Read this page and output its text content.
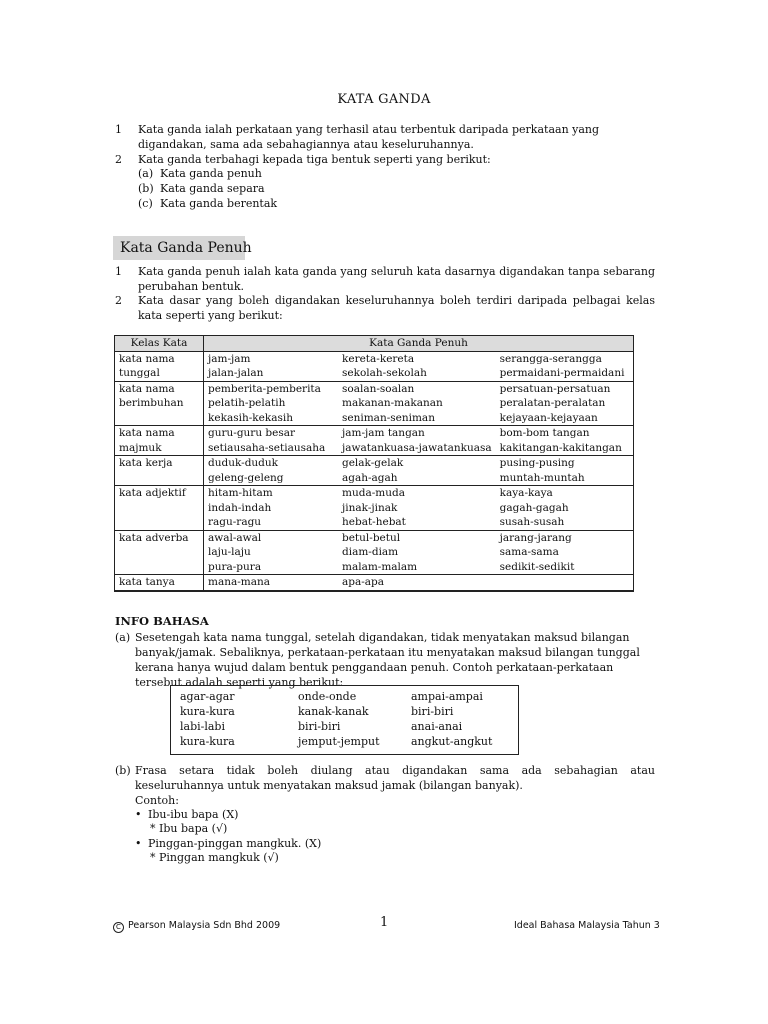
KATA GANDA
1 Kata ganda ialah perkataan yang terhasil atau terbentuk daripada perkataan yang digandakan, sama ada sebahagiannya atau keseluruhannya.
2 Kata ganda terbahagi kepada tiga bentuk seperti yang berikut:
(a) Kata ganda penuh
(b) Kata ganda separa
(c) Kata ganda berentak
Kata Ganda Penuh
1 Kata ganda penuh ialah kata ganda yang seluruh kata dasarnya digandakan tanpa sebarang perubahan bentuk.
2 Kata dasar yang boleh digandakan keseluruhannya boleh terdiri daripada pelbagai kelas kata seperti yang berikut:
Kelas Kata	Kata Ganda Penuh		
kata nama	jam-jam	kereta-kereta	serangga-serangga
tunggal	jalan-jalan	sekolah-sekolah	permaidani-permaidani
kata nama	pemberita-pemberita	soalan-soalan	persatuan-persatuan
berimbuhan	pelatih-pelatih	makanan-makanan	peralatan-peralatan
	kekasih-kekasih	seniman-seniman	kejayaan-kejayaan
kata nama	guru-guru besar	jam-jam tangan	bom-bom tangan
majmuk	setiausaha-setiausaha	jawatankuasa-jawatankuasa	kakitangan-kakitangan
kata kerja	duduk-duduk	gelak-gelak	pusing-pusing
	geleng-geleng	agah-agah	muntah-muntah
kata adjektif	hitam-hitam	muda-muda	kaya-kaya
	indah-indah	jinak-jinak	gagah-gagah
	ragu-ragu	hebat-hebat	susah-susah
kata adverba	awal-awal	betul-betul	jarang-jarang
	laju-laju	diam-diam	sama-sama
	pura-pura	malam-malam	sedikit-sedikit
kata tanya	mana-mana	apa-apa	
INFO BAHASA
(a) Sesetengah kata nama tunggal, setelah digandakan, tidak menyatakan maksud bilangan banyak/jamak. Sebaliknya, perkataan-perkataan itu menyatakan maksud bilangan tunggal kerana hanya wujud dalam bentuk penggandaan penuh. Contoh perkataan-perkataan tersebut adalah seperti yang berikut:
agar-agar	onde-onde	ampai-ampai
kura-kura	kanak-kanak	biri-biri
labi-labi	biri-biri	anai-anai
kura-kura	jemput-jemput	angkut-angkut
(b) Frasa setara tidak boleh diulang atau digandakan sama ada sebahagian atau keseluruhannya untuk menyatakan maksud jamak (bilangan banyak).
Contoh:
• Ibu-ibu bapa (X)
* Ibu bapa (√)
• Pinggan-pinggan mangkuk. (X)
* Pinggan mangkuk (√)
C Pearson Malaysia Sdn Bhd 2009	1	Ideal Bahasa Malaysia Tahun 3
